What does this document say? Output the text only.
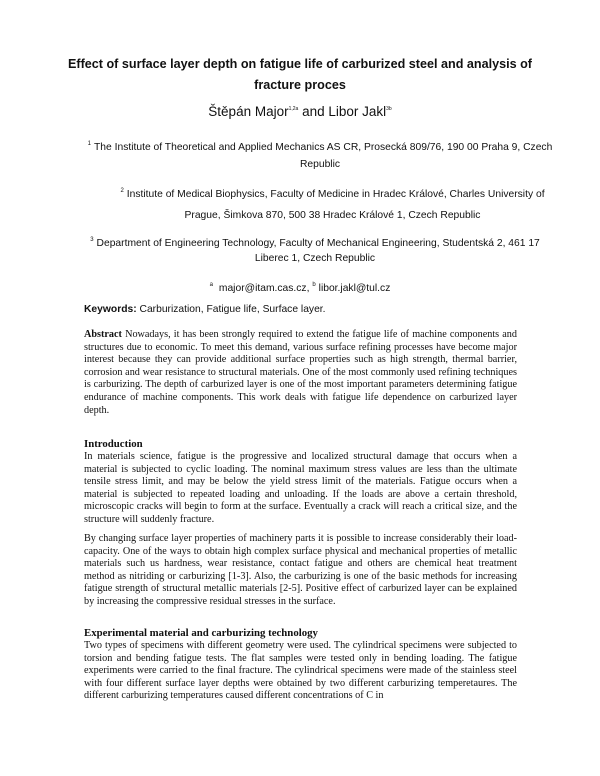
Effect of surface layer depth on fatigue life of carburized steel and analysis of fracture proces
Štěpán Major$^{1,2a}$ and Libor Jakl$^{3b}$
$^1$ The Institute of Theoretical and Applied Mechanics AS CR, Prosecká 809/76, 190 00 Praha 9, Czech Republic
$^2$ Institute of Medical Biophysics, Faculty of Medicine in Hradec Králové, Charles University of Prague, Šimkova 870, 500 38 Hradec Králové 1, Czech Republic
$^3$ Department of Engineering Technology, Faculty of Mechanical Engineering, Studentská 2, 461 17 Liberec 1, Czech Republic
$^a$ major@itam.cas.cz, $^b$ libor.jakl@tul.cz
Keywords: Carburization, Fatigue life, Surface layer.
Abstract Nowadays, it has been strongly required to extend the fatigue life of machine components and structures due to economic. To meet this demand, various surface refining processes have become major interest because they can provide additional surface properties such as high strength, thermal barrier, corrosion and wear resistance to structural materials. One of the most commonly used refining techniques is carburizing. The depth of carburized layer is one of the most important parameters determining fatigue endurance of machine components. This work deals with fatigue life dependence on carburized layer depth.
Introduction
In materials science, fatigue is the progressive and localized structural damage that occurs when a material is subjected to cyclic loading. The nominal maximum stress values are less than the ultimate tensile stress limit, and may be below the yield stress limit of the materials. Fatigue occurs when a material is subjected to repeated loading and unloading. If the loads are above a certain threshold, microscopic cracks will begin to form at the surface. Eventually a crack will reach a critical size, and the structure will suddenly fracture.
By changing surface layer properties of machinery parts it is possible to increase considerably their load-capacity. One of the ways to obtain high complex surface physical and mechanical properties of metallic materials such us hardness, wear resistance, contact fatigue and others are chemical heat treatment method as nitriding or carburizing [1-3]. Also, the carburizing is one of the basic methods for increasing fatigue strength of structural metallic materials [2-5]. Positive effect of carburized layer can be explained by increasing the compressive residual stresses in the surface.
Experimental material and carburizing technology
Two types of specimens with different geometry were used. The cylindrical specimens were subjected to torsion and bending fatigue tests. The flat samples were tested only in bending loading. The fatigue experiments were carried to the final fracture. The cylindrical specimens were made of the stainless steel with four different surface layer depths were obtained by two different carburizing temperetaures. The different carburizing temperatures caused different concentrations of C in
